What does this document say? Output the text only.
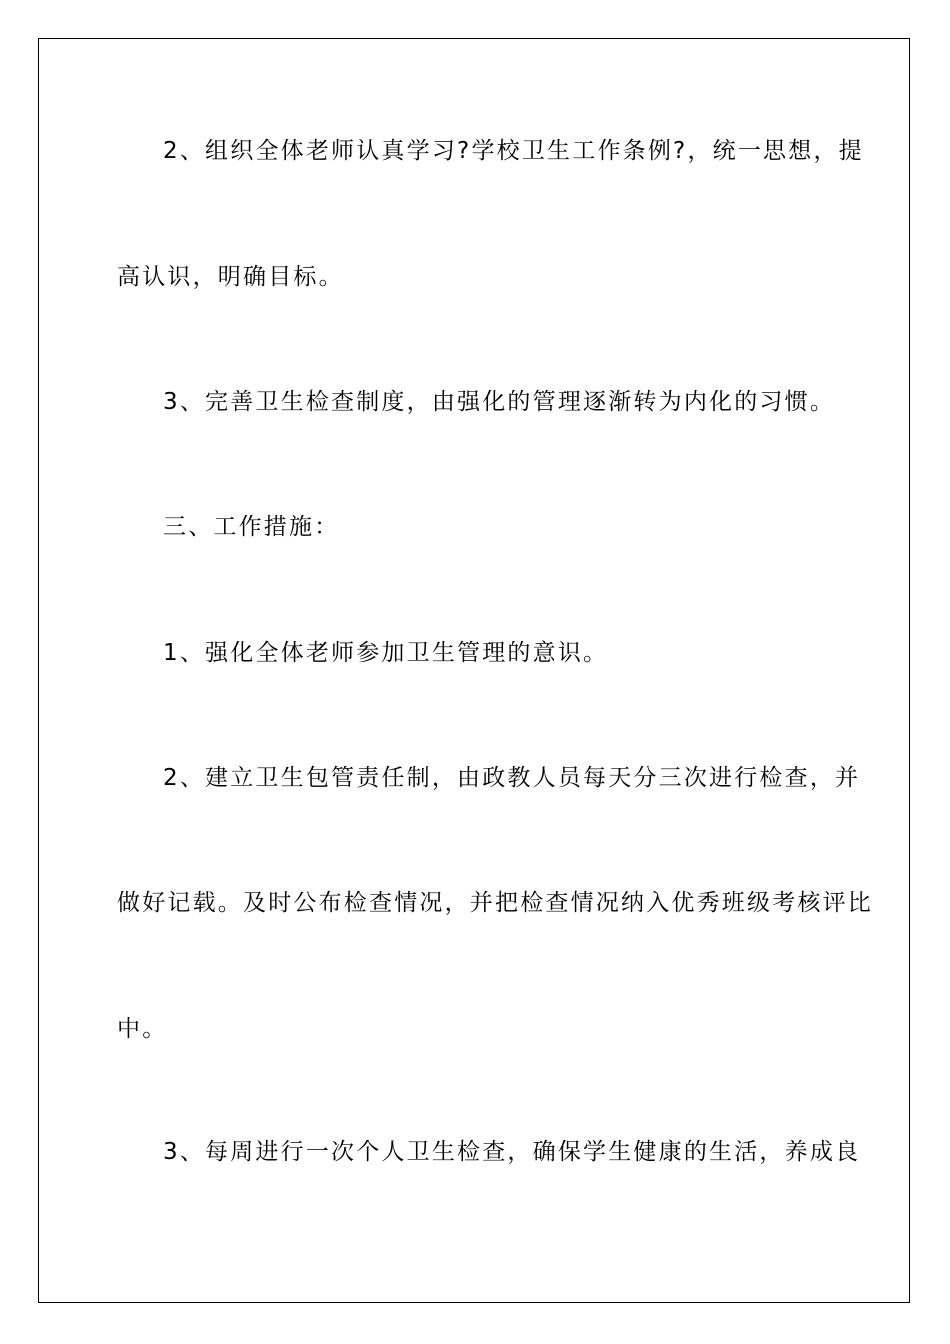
2、组织全体老师认真学习?学校卫生工作条例?，统一思想，提
高认识，明确目标。
3、完善卫生检查制度，由强化的管理逐渐转为内化的习惯。
三、工作措施：
1、强化全体老师参加卫生管理的意识。
2、建立卫生包管责任制，由政教人员每天分三次进行检查，并
做好记载。及时公布检查情况，并把检查情况纳入优秀班级考核评比
中。
3、每周进行一次个人卫生检查，确保学生健康的生活，养成良
